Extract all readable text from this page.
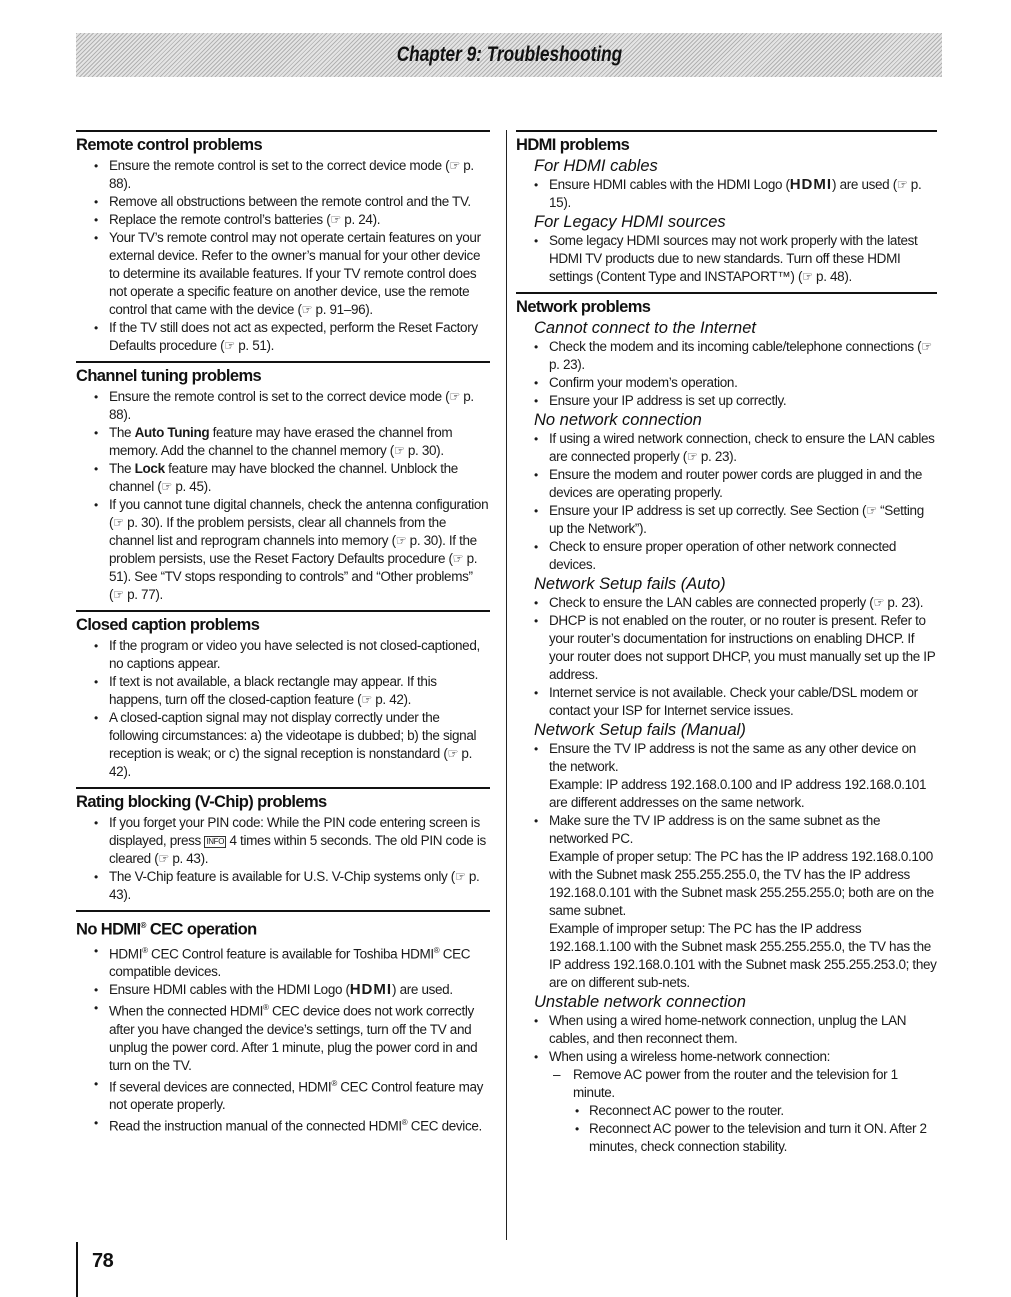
Chapter 9: Troubleshooting
Remote control problems
• Ensure the remote control is set to the correct device mode (☞ p. 88).
• Remove all obstructions between the remote control and the TV.
• Replace the remote control’s batteries (☞ p. 24).
• Your TV’s remote control may not operate certain features on your external device. Refer to the owner’s manual for your other device to determine its available features. If your TV remote control does not operate a specific feature on another device, use the remote control that came with the device (☞ p. 91–96).
• If the TV still does not act as expected, perform the Reset Factory Defaults procedure (☞ p. 51).
Channel tuning problems
• Ensure the remote control is set to the correct device mode (☞ p. 88).
• The Auto Tuning feature may have erased the channel from memory. Add the channel to the channel memory (☞ p. 30).
• The Lock feature may have blocked the channel. Unblock the channel (☞ p. 45).
• If you cannot tune digital channels, check the antenna configuration (☞ p. 30). If the problem persists, clear all channels from the channel list and reprogram channels into memory (☞ p. 30). If the problem persists, use the Reset Factory Defaults procedure (☞ p. 51). See “TV stops responding to controls” and “Other problems” (☞ p. 77).
Closed caption problems
• If the program or video you have selected is not closed-captioned, no captions appear.
• If text is not available, a black rectangle may appear. If this happens, turn off the closed-caption feature (☞ p. 42).
• A closed-caption signal may not display correctly under the following circumstances: a) the videotape is dubbed; b) the signal reception is weak; or c) the signal reception is nonstandard (☞ p. 42).
Rating blocking (V-Chip) problems
• If you forget your PIN code: While the PIN code entering screen is displayed, press INFO 4 times within 5 seconds. The old PIN code is cleared (☞ p. 43).
• The V-Chip feature is available for U.S. V-Chip systems only (☞ p. 43).
No HDMI® CEC operation
• HDMI® CEC Control feature is available for Toshiba HDMI® CEC compatible devices.
• Ensure HDMI cables with the HDMI Logo (HDMI) are used.
• When the connected HDMI® CEC device does not work correctly after you have changed the device’s settings, turn off the TV and unplug the power cord. After 1 minute, plug the power cord in and turn on the TV.
• If several devices are connected, HDMI® CEC Control feature may not operate properly.
• Read the instruction manual of the connected HDMI® CEC device.
HDMI problems
For HDMI cables
• Ensure HDMI cables with the HDMI Logo (HDMI) are used (☞ p. 15).
For Legacy HDMI sources
• Some legacy HDMI sources may not work properly with the latest HDMI TV products due to new standards. Turn off these HDMI settings (Content Type and INSTAPORT™) (☞ p. 48).
Network problems
Cannot connect to the Internet
• Check the modem and its incoming cable/telephone connections (☞ p. 23).
• Confirm your modem’s operation.
• Ensure your IP address is set up correctly.
No network connection
• If using a wired network connection, check to ensure the LAN cables are connected properly (☞ p. 23).
• Ensure the modem and router power cords are plugged in and the devices are operating properly.
• Ensure your IP address is set up correctly. See Section (☞ “Setting up the Network”).
• Check to ensure proper operation of other network connected devices.
Network Setup fails (Auto)
• Check to ensure the LAN cables are connected properly (☞ p. 23).
• DHCP is not enabled on the router, or no router is present. Refer to your router’s documentation for instructions on enabling DHCP. If your router does not support DHCP, you must manually set up the IP address.
• Internet service is not available. Check your cable/DSL modem or contact your ISP for Internet service issues.
Network Setup fails (Manual)
• Ensure the TV IP address is not the same as any other device on the network.
Example: IP address 192.168.0.100 and IP address 192.168.0.101 are different addresses on the same network.
• Make sure the TV IP address is on the same subnet as the networked PC.
Example of proper setup: The PC has the IP address 192.168.0.100 with the Subnet mask 255.255.255.0, the TV has the IP address 192.168.0.101 with the Subnet mask 255.255.255.0; both are on the same subnet.
Example of improper setup: The PC has the IP address 192.168.1.100 with the Subnet mask 255.255.255.0, the TV has the IP address 192.168.0.101 with the Subnet mask 255.255.253.0; they are on different sub-nets.
Unstable network connection
• When using a wired home-network connection, unplug the LAN cables, and then reconnect them.
• When using a wireless home-network connection:
– Remove AC power from the router and the television for 1 minute.
• Reconnect AC power to the router.
• Reconnect AC power to the television and turn it ON. After 2 minutes, check connection stability.
78
